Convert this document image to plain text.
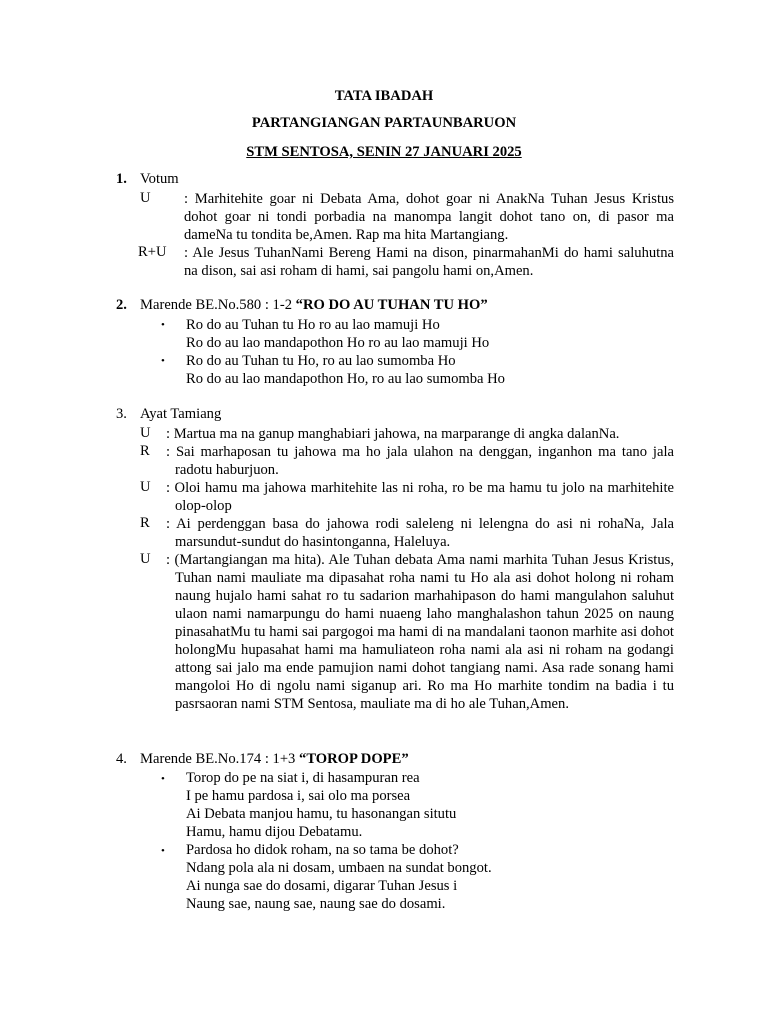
TATA IBADAH
PARTANGIANGAN PARTAUNBARUON
STM SENTOSA, SENIN 27 JANUARI 2025
1. Votum
U : Marhitehite goar ni Debata Ama, dohot goar ni AnakNa Tuhan Jesus Kristus dohot goar ni tondi porbadia na manompa langit dohot tano on, di pasor ma dameNa tu tondita be,Amen. Rap ma hita Martangiang.
R+U : Ale Jesus TuhanNami Bereng Hami na dison, pinarmahanMi do hami saluhutna na dison, sai asi roham di hami, sai pangolu hami on,Amen.
2. Marende BE.No.580 : 1-2 “RO DO AU TUHAN TU HO”
• Ro do au Tuhan tu Ho ro au lao mamuji Ho
Ro do au lao mandapothon Ho ro au lao mamuji Ho
• Ro do au Tuhan tu Ho, ro au lao sumomba Ho
Ro do au lao mandapothon Ho, ro au lao sumomba Ho
3. Ayat Tamiang
U : Martua ma na ganup manghabiari jahowa, na marparange di angka dalanNa.
R : Sai marhaposan tu jahowa ma ho jala ulahon na denggan, inganhon ma tano jala radotu haburjuon.
U : Oloi hamu ma jahowa marhitehite las ni roha, ro be ma hamu tu jolo na marhitehite olop-olop
R : Ai perdenggan basa do jahowa rodi saleleng ni lelengna do asi ni rohaNa, Jala marsundut-sundut do hasintonganna, Haleluya.
U : (Martangiangan ma hita). Ale Tuhan debata Ama nami marhita Tuhan Jesus Kristus, Tuhan nami mauliate ma dipasahat roha nami tu Ho ala asi dohot holong ni roham naung hujalo hami sahat ro tu sadarion marhahipason do hami mangulahon saluhut ulaon nami namarpungu do hami nuaeng laho manghalashon tahun 2025 on naung pinasahatMu tu hami sai pargogoi ma hami di na mandalani taonon marhite asi dohot holongMu hupasahat hami ma hamuliateon roha nami ala asi ni roham na godangi attong sai jalo ma ende pamujion nami dohot tangiang nami. Asa rade sonang hami mangoloi Ho di ngolu nami siganup ari. Ro ma Ho marhite tondim na badia i tu pasrsaoran nami STM Sentosa, mauliate ma di ho ale Tuhan,Amen.
4. Marende BE.No.174 : 1+3 “TOROP DOPE”
• Torop do pe na siat i, di hasampuran rea
I pe hamu pardosa i, sai olo ma porsea
Ai Debata manjou hamu, tu hasonangan situtu
Hamu, hamu dijou Debatamu.
• Pardosa ho didok roham, na so tama be dohot?
Ndang pola ala ni dosam, umbaen na sundat bongot.
Ai nunga sae do dosami, digarar Tuhan Jesus i
Naung sae, naung sae, naung sae do dosami.
